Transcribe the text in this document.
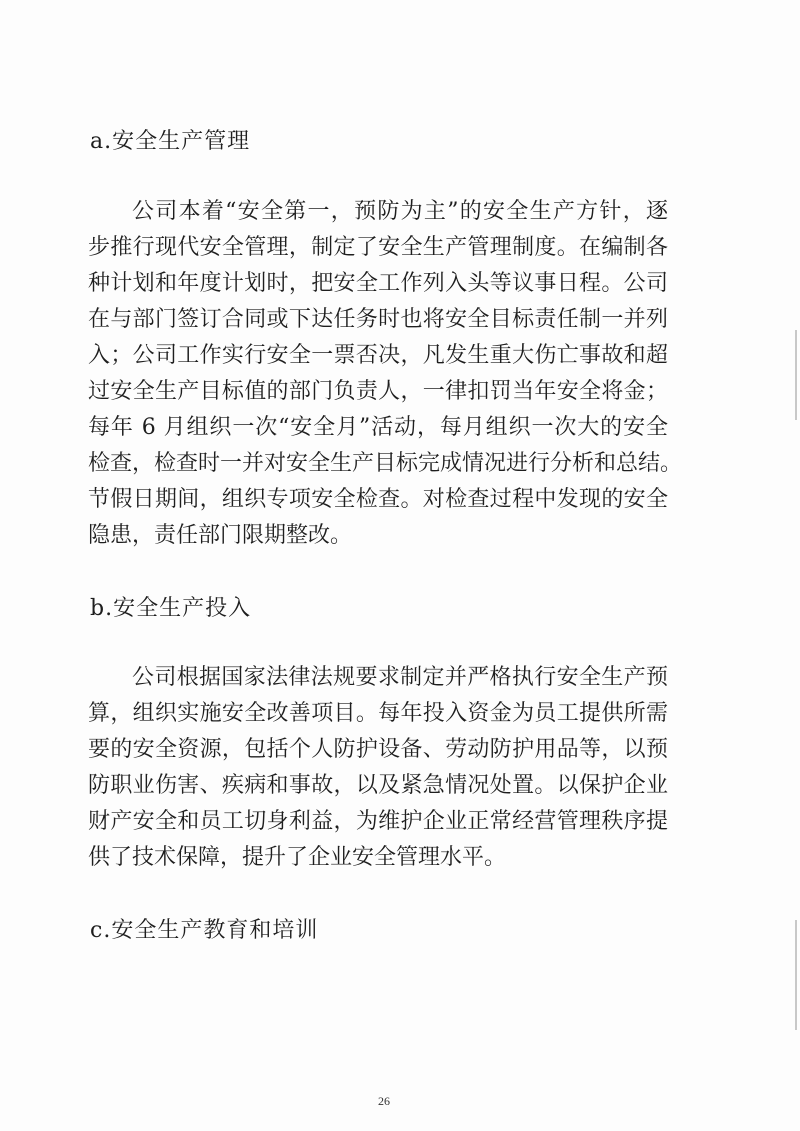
a.安全生产管理
公司本着“安全第一，预防为主”的安全生产方针，逐
步推行现代安全管理，制定了安全生产管理制度。在编制各
种计划和年度计划时，把安全工作列入头等议事日程。公司
在与部门签订合同或下达任务时也将安全目标责任制一并列
入；公司工作实行安全一票否决，凡发生重大伤亡事故和超
过安全生产目标值的部门负责人，一律扣罚当年安全将金；
每年 6 月组织一次“安全月”活动，每月组织一次大的安全
检查，检查时一并对安全生产目标完成情况进行分析和总结。
节假日期间，组织专项安全检查。对检查过程中发现的安全
隐患，责任部门限期整改。
b.安全生产投入
公司根据国家法律法规要求制定并严格执行安全生产预
算，组织实施安全改善项目。每年投入资金为员工提供所需
要的安全资源，包括个人防护设备、劳动防护用品等，以预
防职业伤害、疾病和事故，以及紧急情况处置。以保护企业
财产安全和员工切身利益，为维护企业正常经营管理秩序提
供了技术保障，提升了企业安全管理水平。
c.安全生产教育和培训
26
